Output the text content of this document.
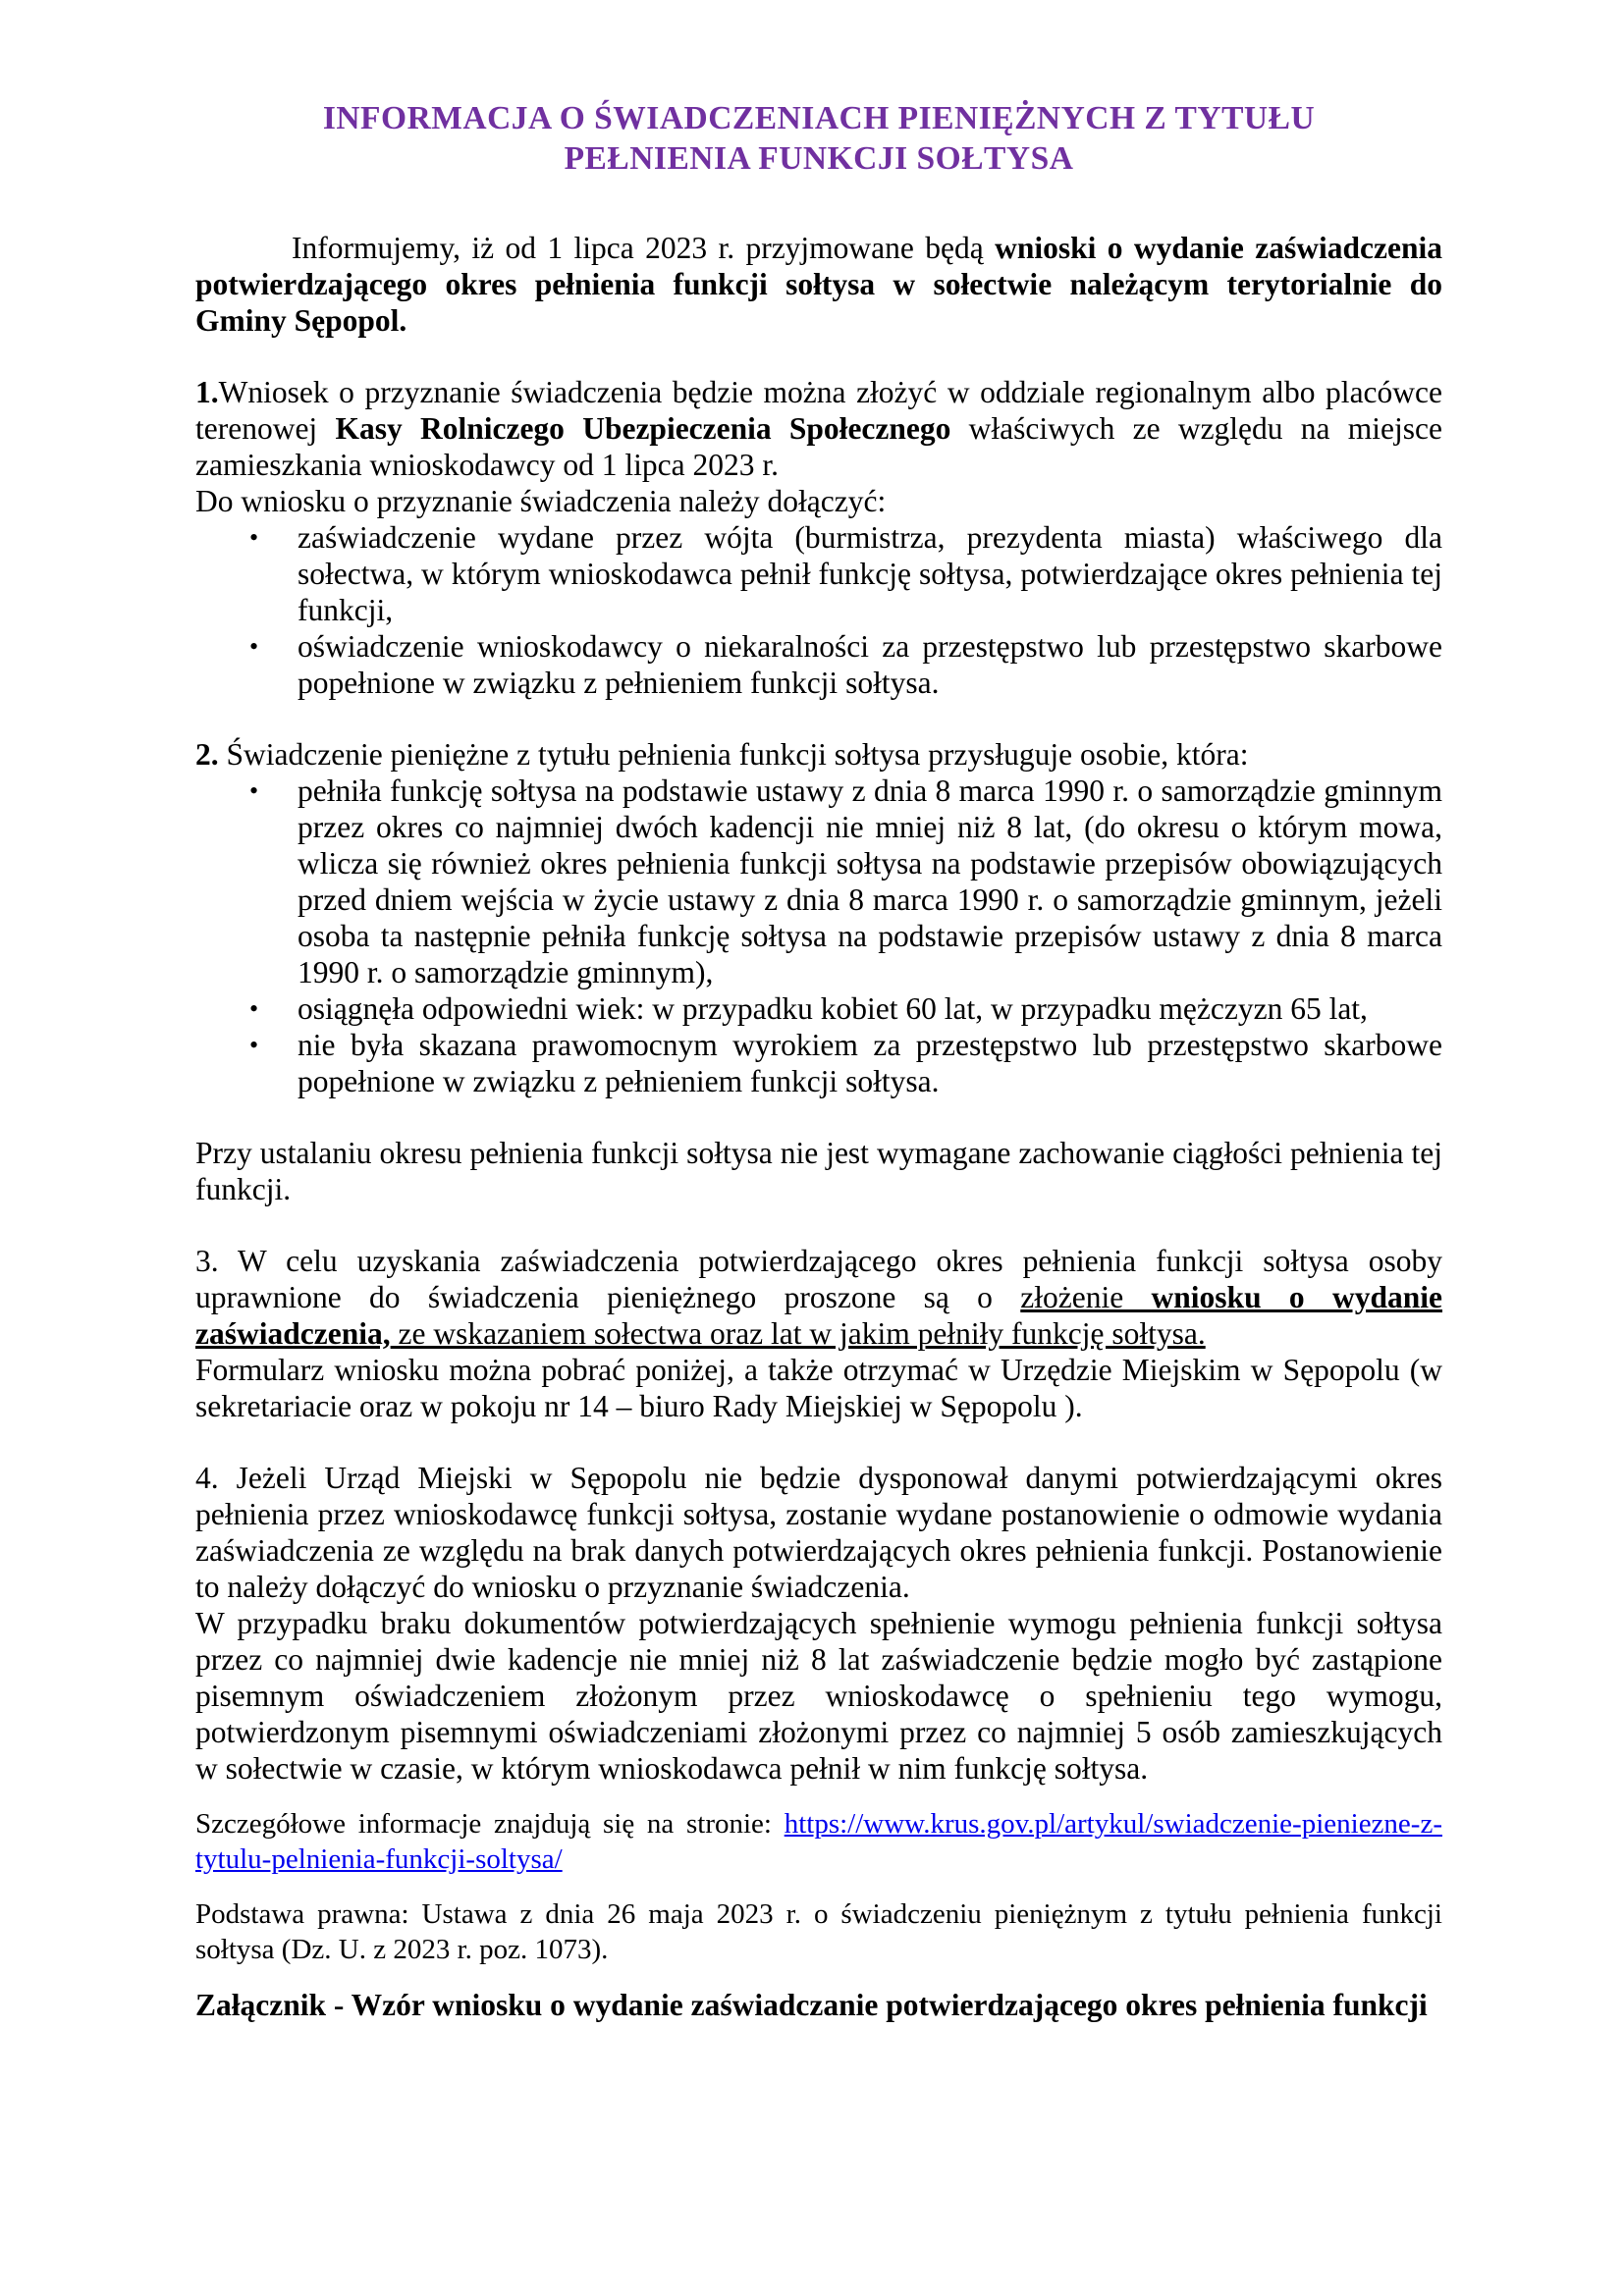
INFORMACJA O ŚWIADCZENIACH PIENIĘŻNYCH Z TYTUŁU
PEŁNIENIA FUNKCJI SOŁTYSA

Informujemy, iż od 1 lipca 2023 r. przyjmowane będą wnioski o wydanie zaświadczenia potwierdzającego okres pełnienia funkcji sołtysa w sołectwie należącym terytorialnie do Gminy Sępopol.

1.Wniosek o przyznanie świadczenia będzie można złożyć w oddziale regionalnym albo placówce terenowej Kasy Rolniczego Ubezpieczenia Społecznego właściwych ze względu na miejsce zamieszkania wnioskodawcy od 1 lipca 2023 r.

Do wniosku o przyznanie świadczenia należy dołączyć:

• zaświadczenie wydane przez wójta (burmistrza, prezydenta miasta) właściwego dla sołectwa, w którym wnioskodawca pełnił funkcję sołtysa, potwierdzające okres pełnienia tej funkcji,
• oświadczenie wnioskodawcy o niekaralności za przestępstwo lub przestępstwo skarbowe popełnione w związku z pełnieniem funkcji sołtysa.

2. Świadczenie pieniężne z tytułu pełnienia funkcji sołtysa przysługuje osobie, która:

• pełniła funkcję sołtysa na podstawie ustawy z dnia 8 marca 1990 r. o samorządzie gminnym przez okres co najmniej dwóch kadencji nie mniej niż 8 lat, (do okresu o którym mowa, wlicza się również okres pełnienia funkcji sołtysa na podstawie przepisów obowiązujących przed dniem wejścia w życie ustawy z dnia 8 marca 1990 r. o samorządzie gminnym, jeżeli osoba ta następnie pełniła funkcję sołtysa na podstawie przepisów ustawy z dnia 8 marca 1990 r. o samorządzie gminnym),
• osiągnęła odpowiedni wiek: w przypadku kobiet 60 lat, w przypadku mężczyzn 65 lat,
• nie była skazana prawomocnym wyrokiem za przestępstwo lub przestępstwo skarbowe popełnione w związku z pełnieniem funkcji sołtysa.

Przy ustalaniu okresu pełnienia funkcji sołtysa nie jest wymagane zachowanie ciągłości pełnienia tej funkcji.

3. W celu uzyskania zaświadczenia potwierdzającego okres pełnienia funkcji sołtysa osoby uprawnione do świadczenia pieniężnego proszone są o złożenie wniosku o wydanie zaświadczenia, ze wskazaniem sołectwa oraz lat w jakim pełniły funkcję sołtysa.

Formularz wniosku można pobrać poniżej, a także otrzymać w Urzędzie Miejskim w Sępopolu (w sekretariacie oraz w pokoju nr 14 – biuro Rady Miejskiej w Sępopolu ).

4. Jeżeli Urząd Miejski w Sępopolu nie będzie dysponował danymi potwierdzającymi okres pełnienia przez wnioskodawcę funkcji sołtysa, zostanie wydane postanowienie o odmowie wydania zaświadczenia ze względu na brak danych potwierdzających okres pełnienia funkcji. Postanowienie to należy dołączyć do wniosku o przyznanie świadczenia.

W przypadku braku dokumentów potwierdzających spełnienie wymogu pełnienia funkcji sołtysa przez co najmniej dwie kadencje nie mniej niż 8 lat zaświadczenie będzie mogło być zastąpione pisemnym oświadczeniem złożonym przez wnioskodawcę o spełnieniu tego wymogu, potwierdzonym pisemnymi oświadczeniami złożonymi przez co najmniej 5 osób zamieszkujących w sołectwie w czasie, w którym wnioskodawca pełnił w nim funkcję sołtysa.

Szczegółowe informacje znajdują się na stronie: https://www.krus.gov.pl/artykul/swiadczenie-pieniezne-z-tytulu-pelnienia-funkcji-soltysa/

Podstawa prawna: Ustawa z dnia 26 maja 2023 r. o świadczeniu pieniężnym z tytułu pełnienia funkcji sołtysa (Dz. U. z 2023 r. poz. 1073).

Załącznik - Wzór wniosku o wydanie zaświadczanie potwierdzającego okres pełnienia funkcji
